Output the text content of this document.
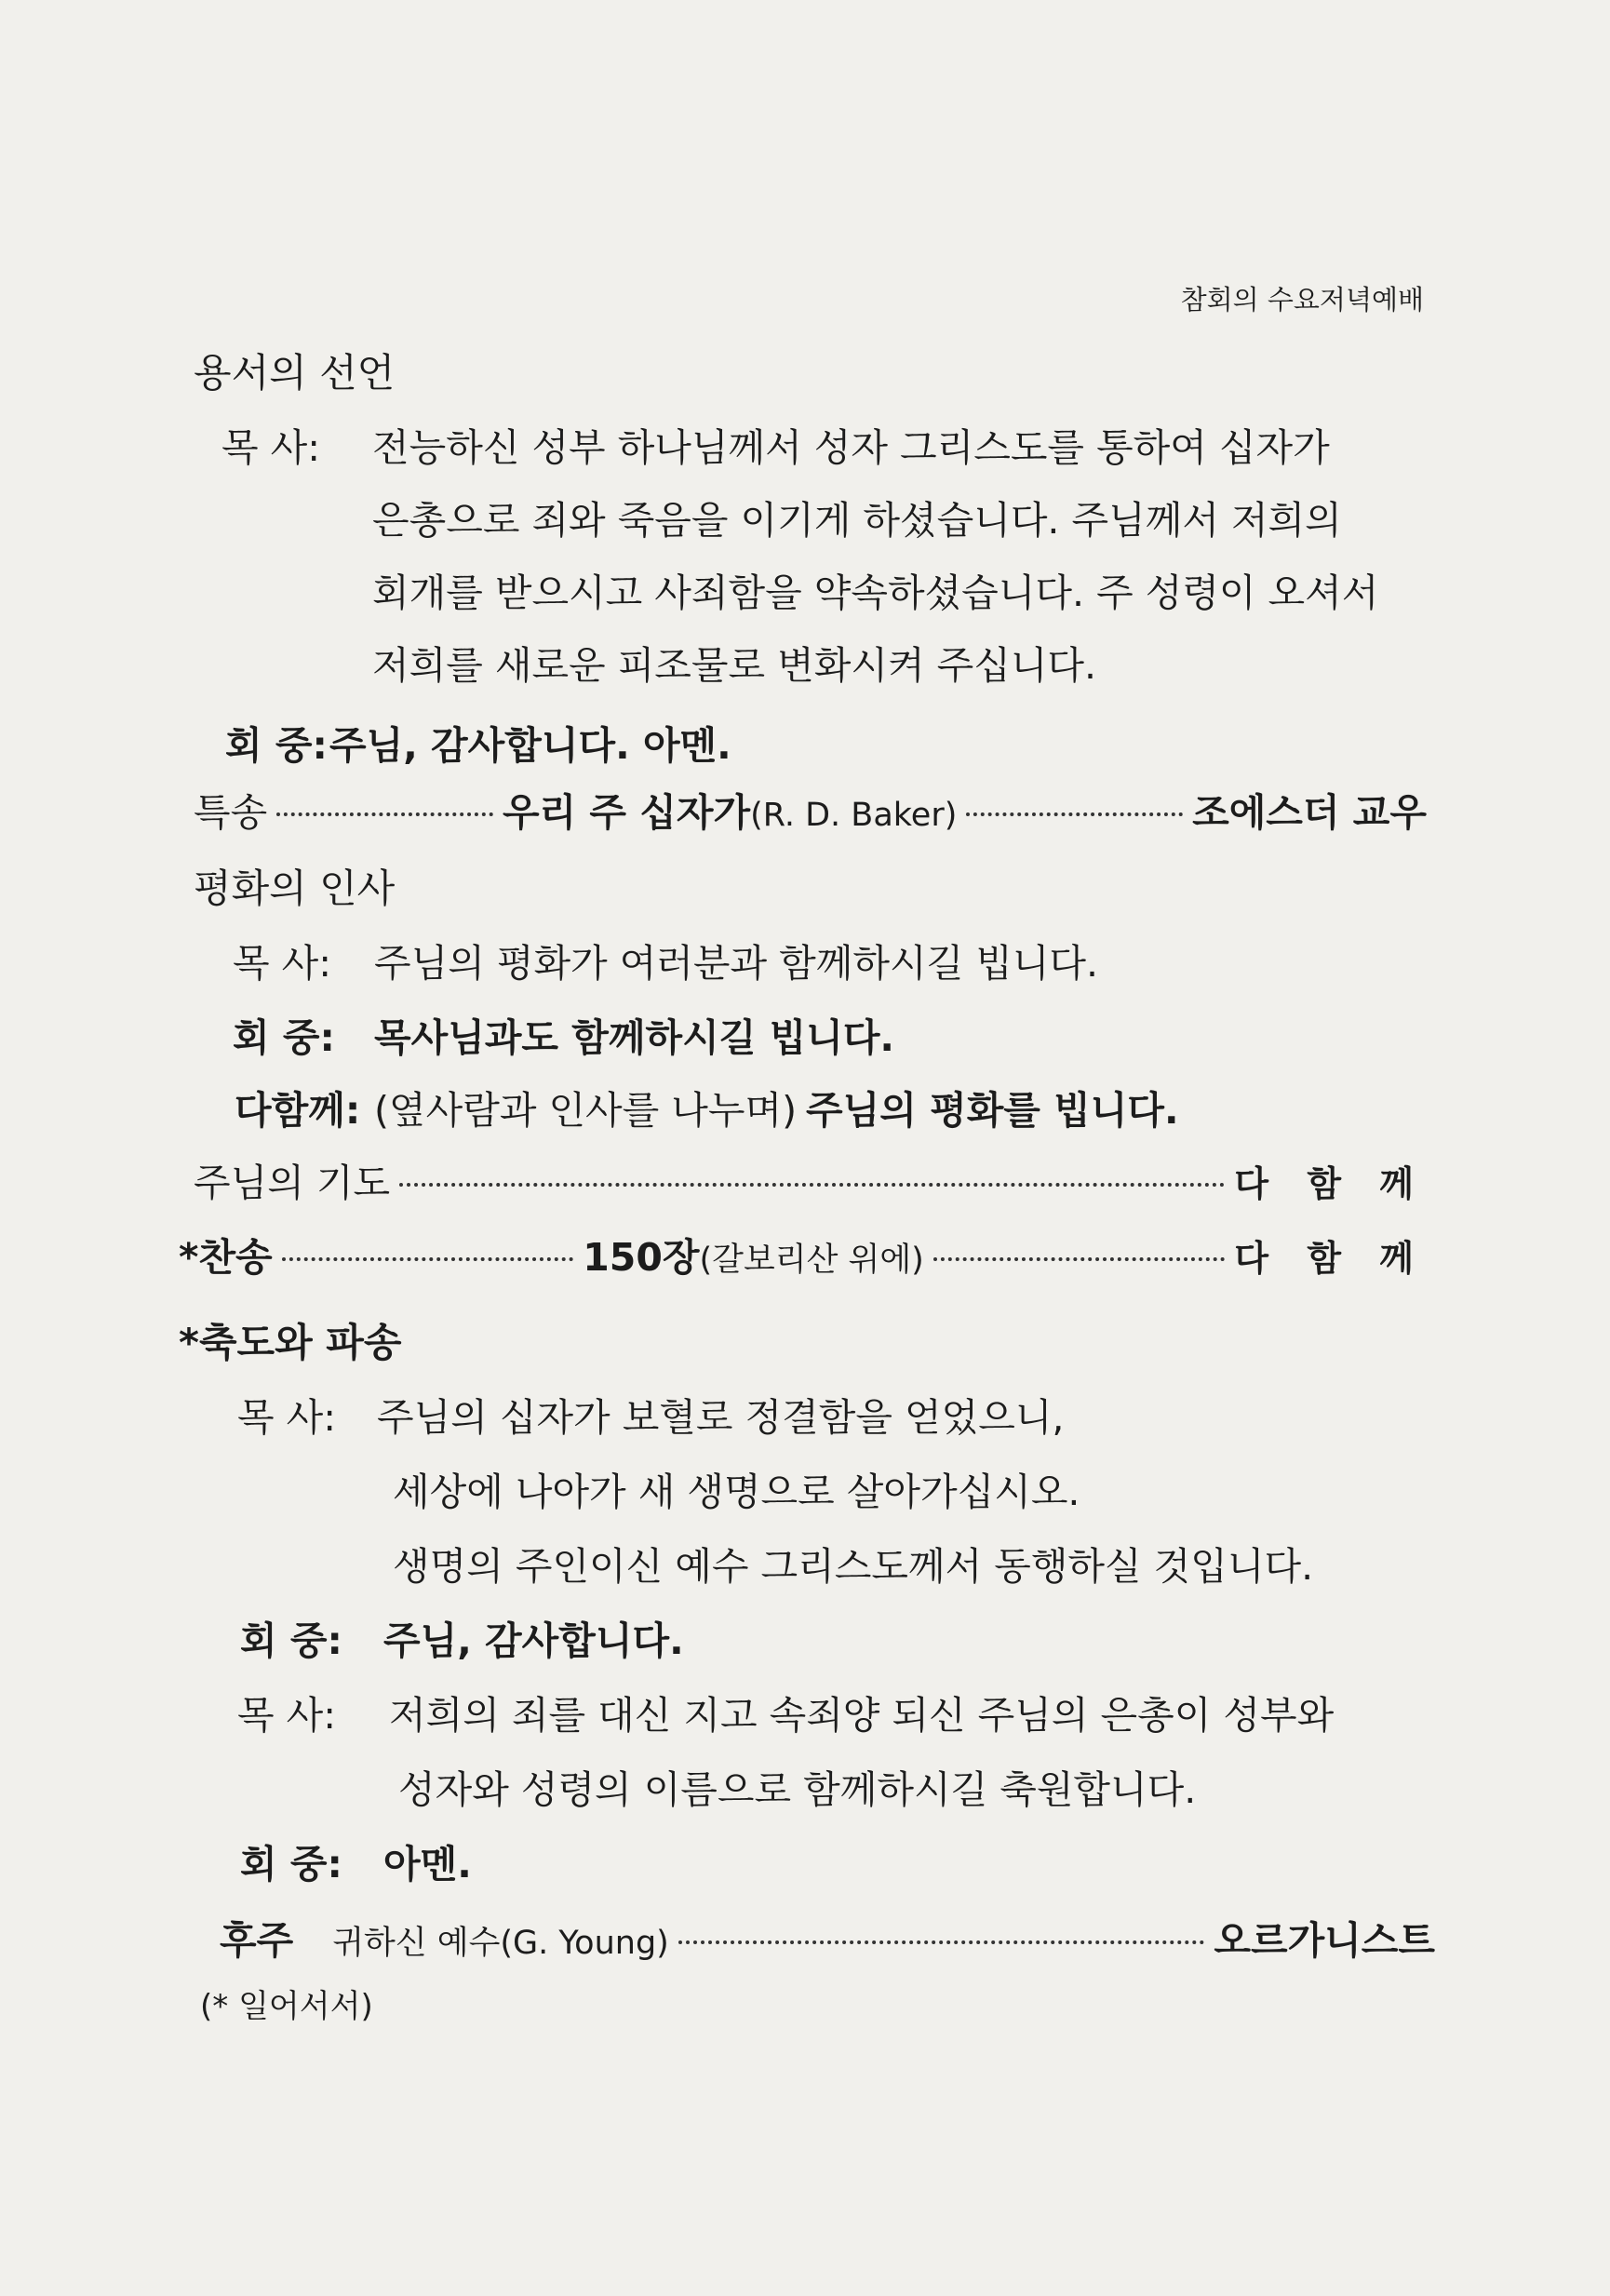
참회의 수요저녁예배
용서의 선언
목 사: 전능하신 성부 하나님께서 성자 그리스도를 통하여 십자가
은총으로 죄와 죽음을 이기게 하셨습니다. 주님께서 저희의
회개를 받으시고 사죄함을 약속하셨습니다. 주 성령이 오셔서
저희를 새로운 피조물로 변화시켜 주십니다.
회 중: 주님, 감사합니다. 아멘.
특송	우리 주 십자가 (R. D. Baker)	조에스더 교우
평화의 인사
목 사: 주님의 평화가 여러분과 함께하시길 빕니다.
회 중: 목사님과도 함께하시길 빕니다.
다함께: (옆사람과 인사를 나누며) 주님의 평화를 빕니다.
주님의 기도	다 함 께
*찬송	150장 (갈보리산 위에)	다 함 께
*축도와 파송
목 사: 주님의 십자가 보혈로 정결함을 얻었으니,
세상에 나아가 새 생명으로 살아가십시오.
생명의 주인이신 예수 그리스도께서 동행하실 것입니다.
회 중: 주님, 감사합니다.
목 사: 저희의 죄를 대신 지고 속죄양 되신 주님의 은총이 성부와
성자와 성령의 이름으로 함께하시길 축원합니다.
회 중: 아멘.
후주 귀하신 예수 (G. Young)	오르가니스트
(* 일어서서)
